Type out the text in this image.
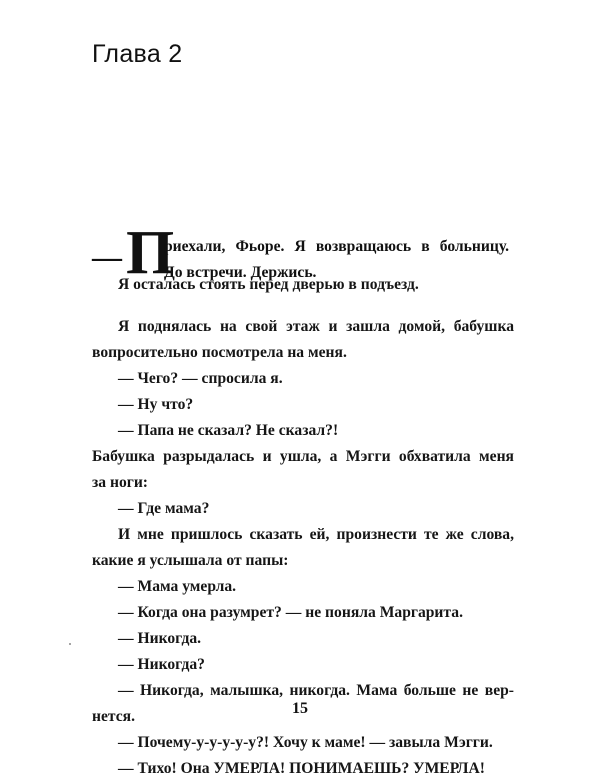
Глава 2
— П
риехали, Фьоре. Я возвращаюсь в больницу.
До встречи. Держись.
Я осталась стоять перед дверью в подъезд.
Я поднялась на свой этаж и зашла домой, бабушка
вопросительно посмотрела на меня.
— Чего? — спросила я.
— Ну что?
— Папа не сказал? Не сказал?!
Бабушка разрыдалась и ушла, а Мэгги обхватила меня
за ноги:
— Где мама?
И мне пришлось сказать ей, произнести те же слова,
какие я услышала от папы:
— Мама умерла.
— Когда она разумрет? — не поняла Маргарита.
— Никогда.
— Никогда?
— Никогда, малышка, никогда. Мама больше не вер-
нется.
— Почему-у-у-у-у-у?! Хочу к маме! — завыла Мэгги.
— Тихо! Она УМЕРЛА! ПОНИМАЕШЬ? УМЕРЛА!
15
